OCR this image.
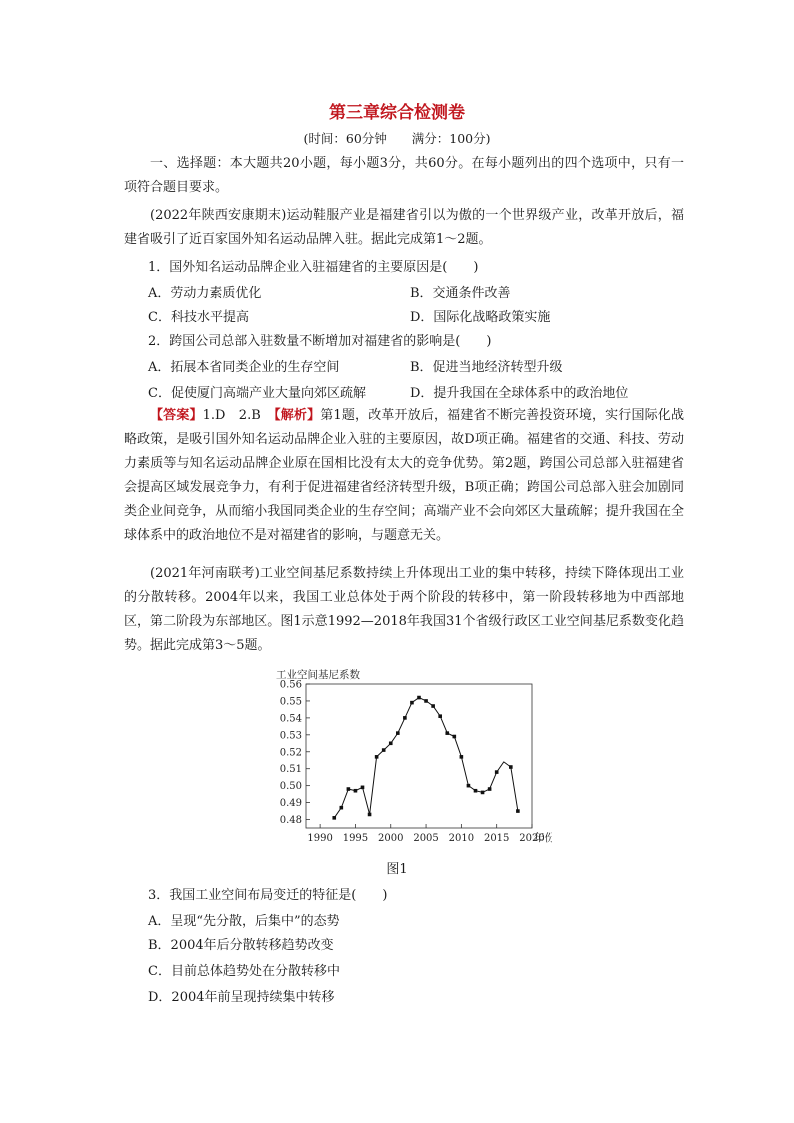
第三章综合检测卷
(时间：60分钟　　满分：100分)
一、选择题：本大题共20小题，每小题3分，共60分。在每小题列出的四个选项中，只有一项符合题目要求。
(2022年陕西安康期末)运动鞋服产业是福建省引以为傲的一个世界级产业，改革开放后，福建省吸引了近百家国外知名运动品牌入驻。据此完成第1～2题。
1．国外知名运动品牌企业入驻福建省的主要原因是(　　)
A．劳动力素质优化	B．交通条件改善
C．科技水平提高	D．国际化战略政策实施
2．跨国公司总部入驻数量不断增加对福建省的影响是(　　)
A．拓展本省同类企业的生存空间	B．促进当地经济转型升级
C．促使厦门高端产业大量向郊区疏解	D．提升我国在全球体系中的政治地位
【答案】1.D　2.B　【解析】第1题，改革开放后，福建省不断完善投资环境，实行国际化战略政策，是吸引国外知名运动品牌企业入驻的主要原因，故D项正确。福建省的交通、科技、劳动力素质等与知名运动品牌企业原在国相比没有太大的竞争优势。第2题，跨国公司总部入驻福建省会提高区域发展竞争力，有利于促进福建省经济转型升级，B项正确；跨国公司总部入驻会加剧同类企业间竞争，从而缩小我国同类企业的生存空间；高端产业不会向郊区大量疏解；提升我国在全球体系中的政治地位不是对福建省的影响，与题意无关。
(2021年河南联考)工业空间基尼系数持续上升体现出工业的集中转移，持续下降体现出工业的分散转移。2004年以来，我国工业总体处于两个阶段的转移中，第一阶段转移地为中西部地区，第二阶段为东部地区。图1示意1992—2018年我国31个省级行政区工业空间基尼系数变化趋势。据此完成第3～5题。
0.48
0.49
0.50
0.51
0.52
0.53
0.54
0.55
0.56
1990 1995 2000 2005 2010 2015 2020
工业空间基尼系数
年份
图1
3．我国工业空间布局变迁的特征是(　　)
A．呈现“先分散，后集中”的态势
B．2004年后分散转移趋势改变
C．目前总体趋势处在分散转移中
D．2004年前呈现持续集中转移
